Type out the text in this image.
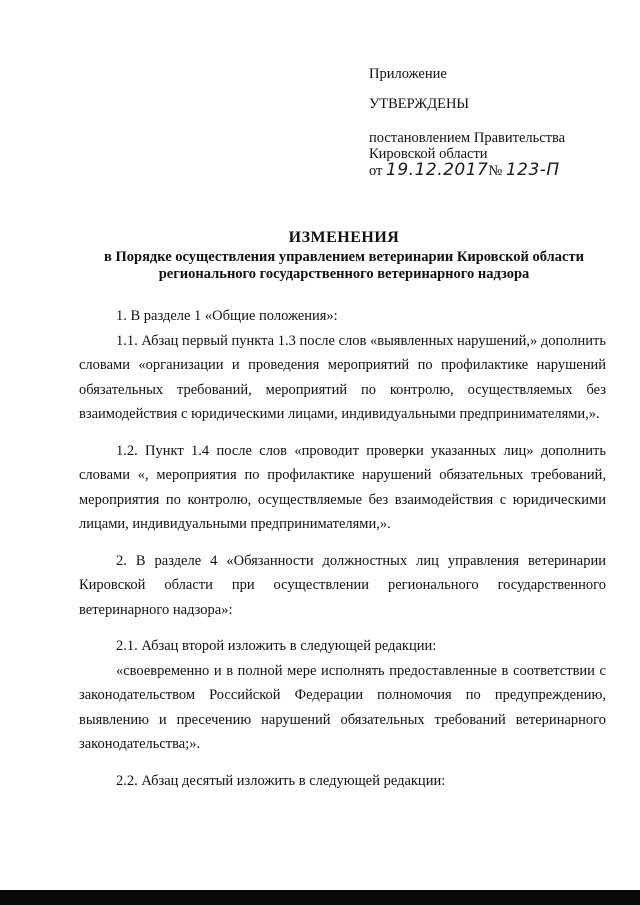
Приложение
УТВЕРЖДЕНЫ
постановлением Правительства
Кировской области
от 19.12.2017№ 123-П
ИЗМЕНЕНИЯ
в Порядке осуществления управлением ветеринарии Кировской области
регионального государственного ветеринарного надзора

1. В разделе 1 «Общие положения»:

1.1. Абзац первый пункта 1.3 после слов «выявленных нарушений,» дополнить словами «организации и проведения мероприятий по профилактике нарушений обязательных требований, мероприятий по контролю, осуществляемых без взаимодействия с юридическими лицами, индивидуальными предпринимателями,».

1.2. Пункт 1.4 после слов «проводит проверки указанных лиц» дополнить словами «, мероприятия по профилактике нарушений обязательных требований, мероприятия по контролю, осуществляемые без взаимодействия с юридическими лицами, индивидуальными предпринимателями,».

2. В разделе 4 «Обязанности должностных лиц управления ветеринарии Кировской области при осуществлении регионального государственного ветеринарного надзора»:

2.1. Абзац второй изложить в следующей редакции:

«своевременно и в полной мере исполнять предоставленные в соответствии с законодательством Российской Федерации полномочия по предупреждению, выявлению и пресечению нарушений обязательных требований ветеринарного законодательства;».

2.2. Абзац десятый изложить в следующей редакции:
